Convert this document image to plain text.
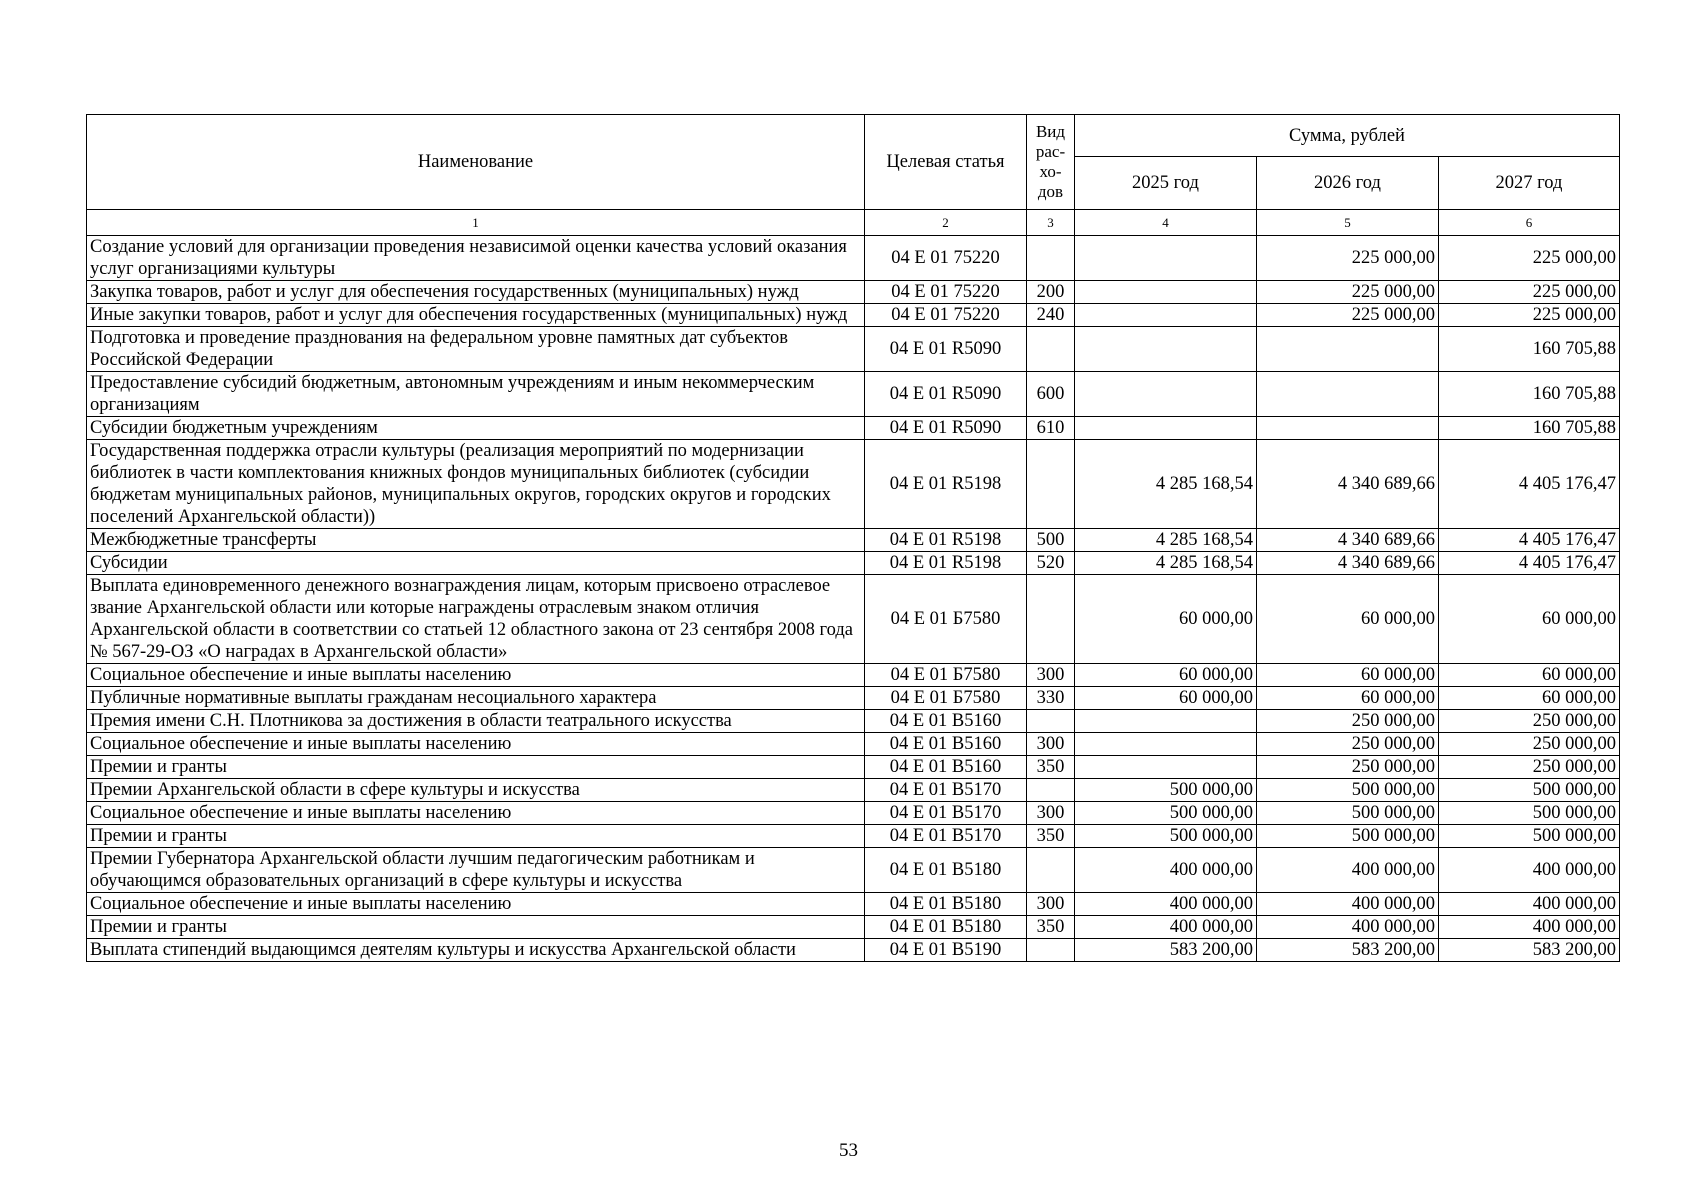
Наименование	Целевая статья	Вид
рас-
хо-
дов	Сумма, рублей		
			2025 год	2026 год	2027 год
1	2	3	4	5	6
Создание условий для организации проведения независимой оценки качества условий оказания услуг организациями культуры	04 Е 01 75220			225 000,00	225 000,00
Закупка товаров, работ и услуг для обеспечения государственных (муниципальных) нужд	04 Е 01 75220	200		225 000,00	225 000,00
Иные закупки товаров, работ и услуг для обеспечения государственных (муниципальных) нужд	04 Е 01 75220	240		225 000,00	225 000,00
Подготовка и проведение празднования на федеральном уровне памятных дат субъектов Российской Федерации	04 Е 01 R5090				160 705,88
Предоставление субсидий бюджетным, автономным учреждениям и иным некоммерческим организациям	04 Е 01 R5090	600			160 705,88
Субсидии бюджетным учреждениям	04 Е 01 R5090	610			160 705,88
Государственная поддержка отрасли культуры (реализация мероприятий по модернизации библиотек в части комплектования книжных фондов муниципальных библиотек (субсидии бюджетам муниципальных районов, муниципальных округов, городских округов и городских поселений Архангельской области))	04 Е 01 R5198		4 285 168,54	4 340 689,66	4 405 176,47
Межбюджетные трансферты	04 Е 01 R5198	500	4 285 168,54	4 340 689,66	4 405 176,47
Субсидии	04 Е 01 R5198	520	4 285 168,54	4 340 689,66	4 405 176,47
Выплата единовременного денежного вознаграждения лицам, которым присвоено отраслевое звание Архангельской области или которые награждены отраслевым знаком отличия Архангельской области в соответствии со статьей 12 областного закона от 23 сентября 2008 года № 567-29-ОЗ «О наградах в Архангельской области»	04 Е 01 Б7580		60 000,00	60 000,00	60 000,00
Социальное обеспечение и иные выплаты населению	04 Е 01 Б7580	300	60 000,00	60 000,00	60 000,00
Публичные нормативные выплаты гражданам несоциального характера	04 Е 01 Б7580	330	60 000,00	60 000,00	60 000,00
Премия имени С.Н. Плотникова за достижения в области театрального искусства	04 Е 01 В5160			250 000,00	250 000,00
Социальное обеспечение и иные выплаты населению	04 Е 01 В5160	300		250 000,00	250 000,00
Премии и гранты	04 Е 01 В5160	350		250 000,00	250 000,00
Премии Архангельской области в сфере культуры и искусства	04 Е 01 В5170		500 000,00	500 000,00	500 000,00
Социальное обеспечение и иные выплаты населению	04 Е 01 В5170	300	500 000,00	500 000,00	500 000,00
Премии и гранты	04 Е 01 В5170	350	500 000,00	500 000,00	500 000,00
Премии Губернатора Архангельской области лучшим педагогическим работникам и обучающимся образовательных организаций в сфере культуры и искусства	04 Е 01 В5180		400 000,00	400 000,00	400 000,00
Социальное обеспечение и иные выплаты населению	04 Е 01 В5180	300	400 000,00	400 000,00	400 000,00
Премии и гранты	04 Е 01 В5180	350	400 000,00	400 000,00	400 000,00
Выплата стипендий выдающимся деятелям культуры и искусства Архангельской области	04 Е 01 В5190		583 200,00	583 200,00	583 200,00
53
